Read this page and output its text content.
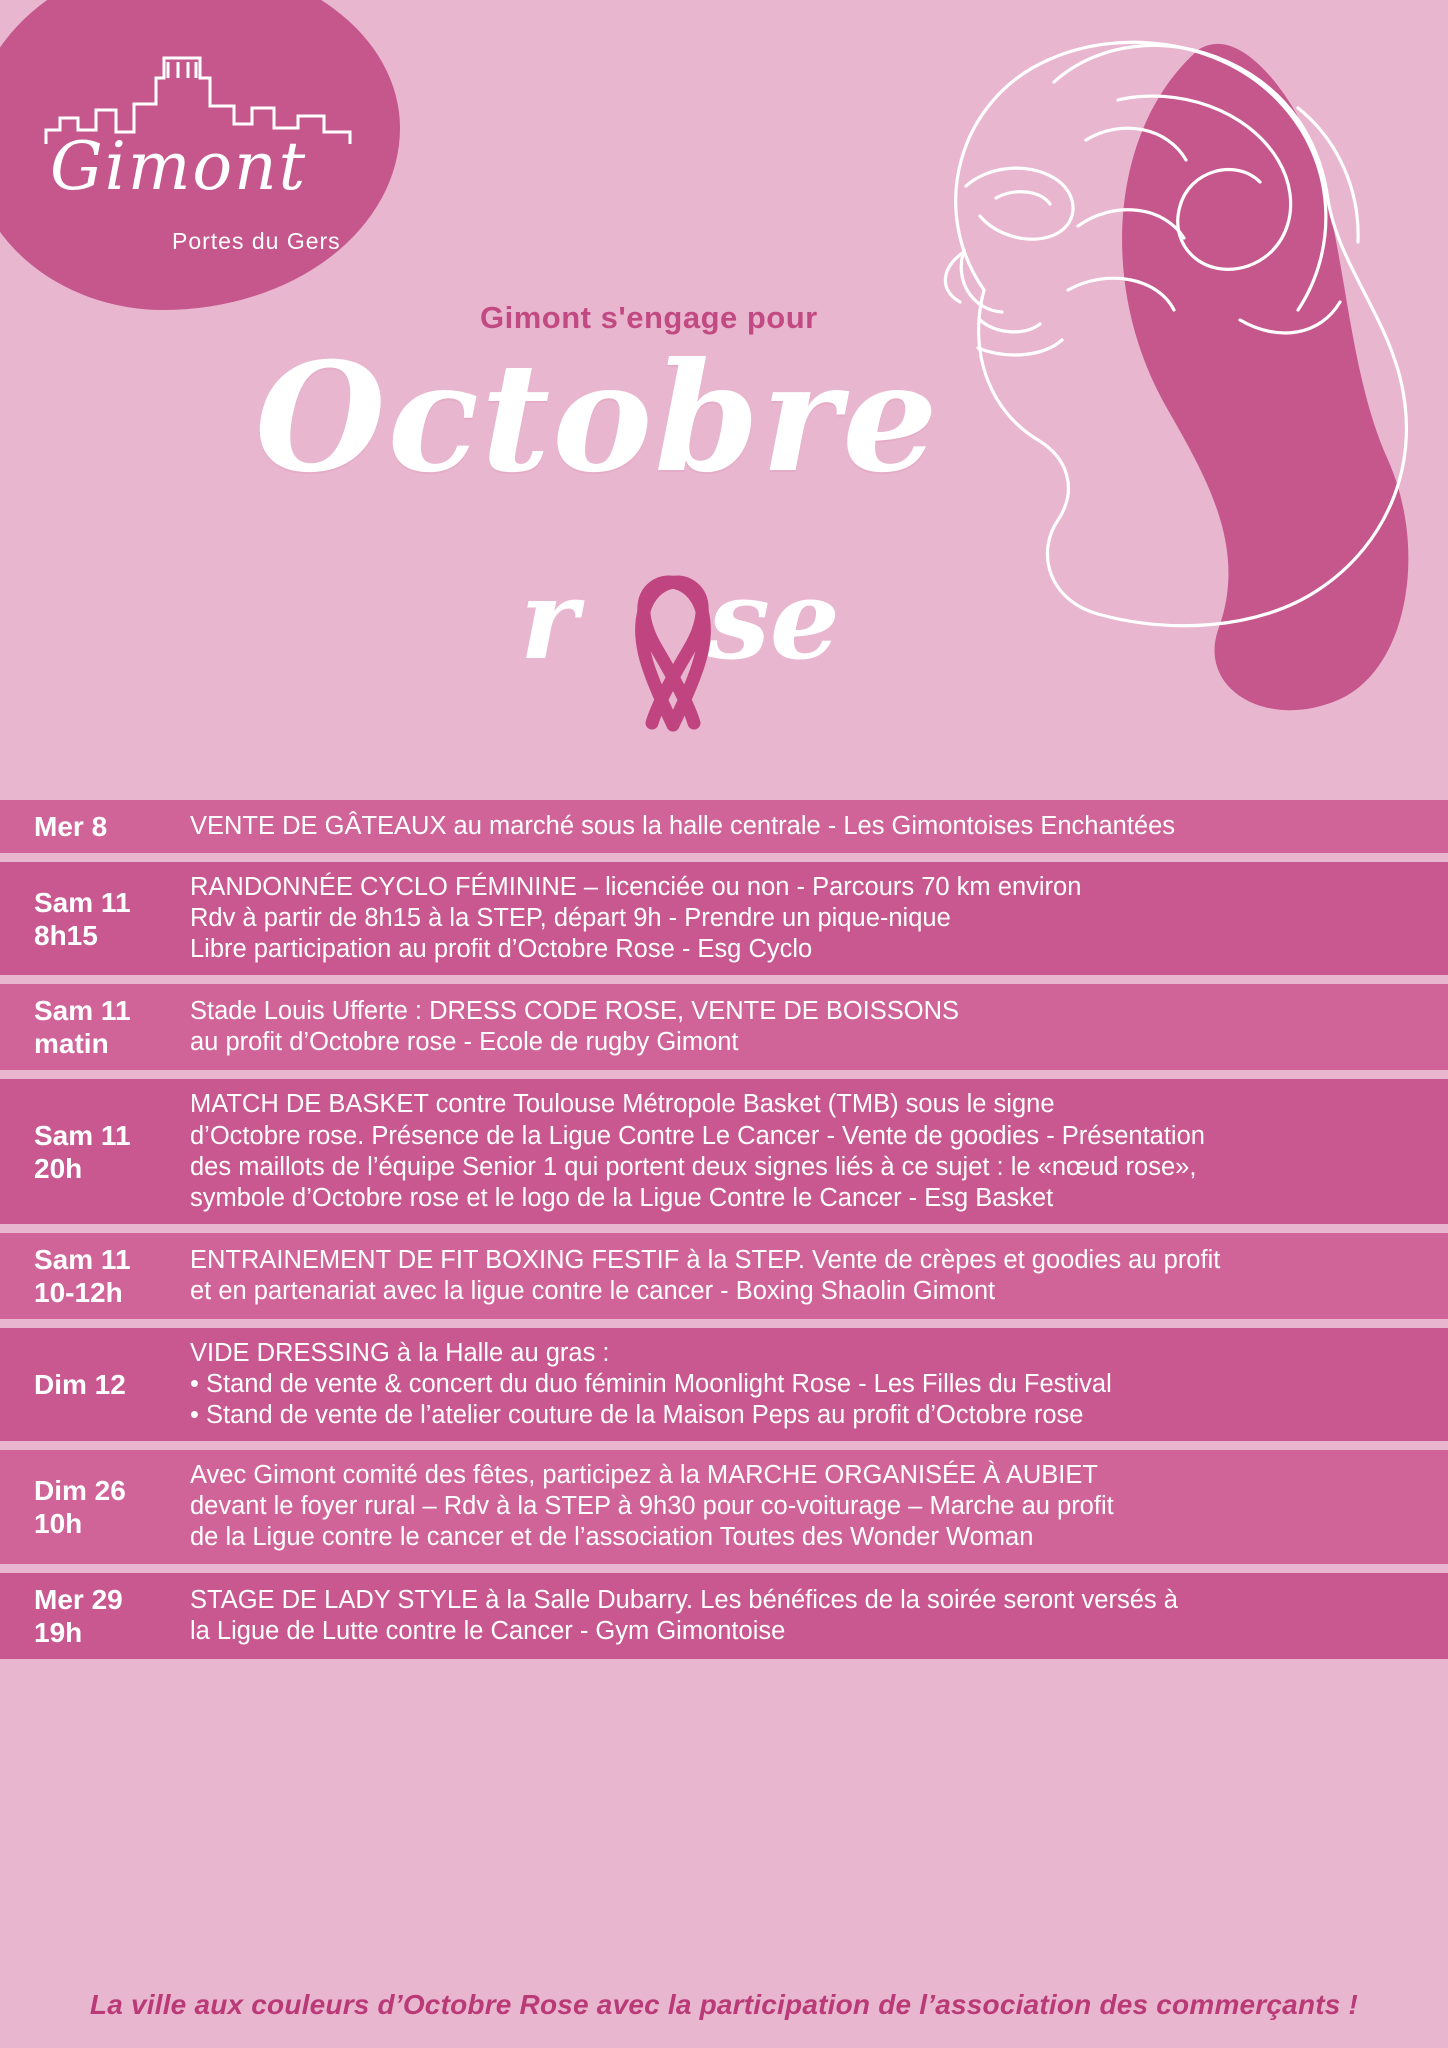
Gimont
Portes du Gers
Gimont s'engage pour
Octobre
r se
Mer 8	VENTE DE GÂTEAUX au marché sous la halle centrale - Les Gimontoises Enchantées
Sam 11
8h15
RANDONNÉE CYCLO FÉMININE – licenciée ou non - Parcours 70 km environ
Rdv à partir de 8h15 à la STEP, départ 9h - Prendre un pique-nique
Libre participation au profit d’Octobre Rose - Esg Cyclo
Sam 11
matin
Stade Louis Ufferte : DRESS CODE ROSE, VENTE DE BOISSONS
au profit d’Octobre rose - Ecole de rugby Gimont
Sam 11
20h
MATCH DE BASKET contre Toulouse Métropole Basket (TMB) sous le signe
d’Octobre rose. Présence de la Ligue Contre Le Cancer - Vente de goodies - Présentation
des maillots de l’équipe Senior 1 qui portent deux signes liés à ce sujet : le «nœud rose»,
symbole d’Octobre rose et le logo de la Ligue Contre le Cancer - Esg Basket
Sam 11
10-12h
ENTRAINEMENT DE FIT BOXING FESTIF à la STEP. Vente de crèpes et goodies au profit
et en partenariat avec la ligue contre le cancer - Boxing Shaolin Gimont
Dim 12
VIDE DRESSING à la Halle au gras :
• Stand de vente & concert du duo féminin Moonlight Rose - Les Filles du Festival
• Stand de vente de l’atelier couture de la Maison Peps au profit d’Octobre rose
Dim 26
10h
Avec Gimont comité des fêtes, participez à la MARCHE ORGANISÉE À AUBIET
devant le foyer rural – Rdv à la STEP à 9h30 pour co-voiturage – Marche au profit
de la Ligue contre le cancer et de l’association Toutes des Wonder Woman
Mer 29
19h
STAGE DE LADY STYLE à la Salle Dubarry. Les bénéfices de la soirée seront versés à
la Ligue de Lutte contre le Cancer - Gym Gimontoise
La ville aux couleurs d’Octobre Rose avec la participation de l’association des commerçants !
